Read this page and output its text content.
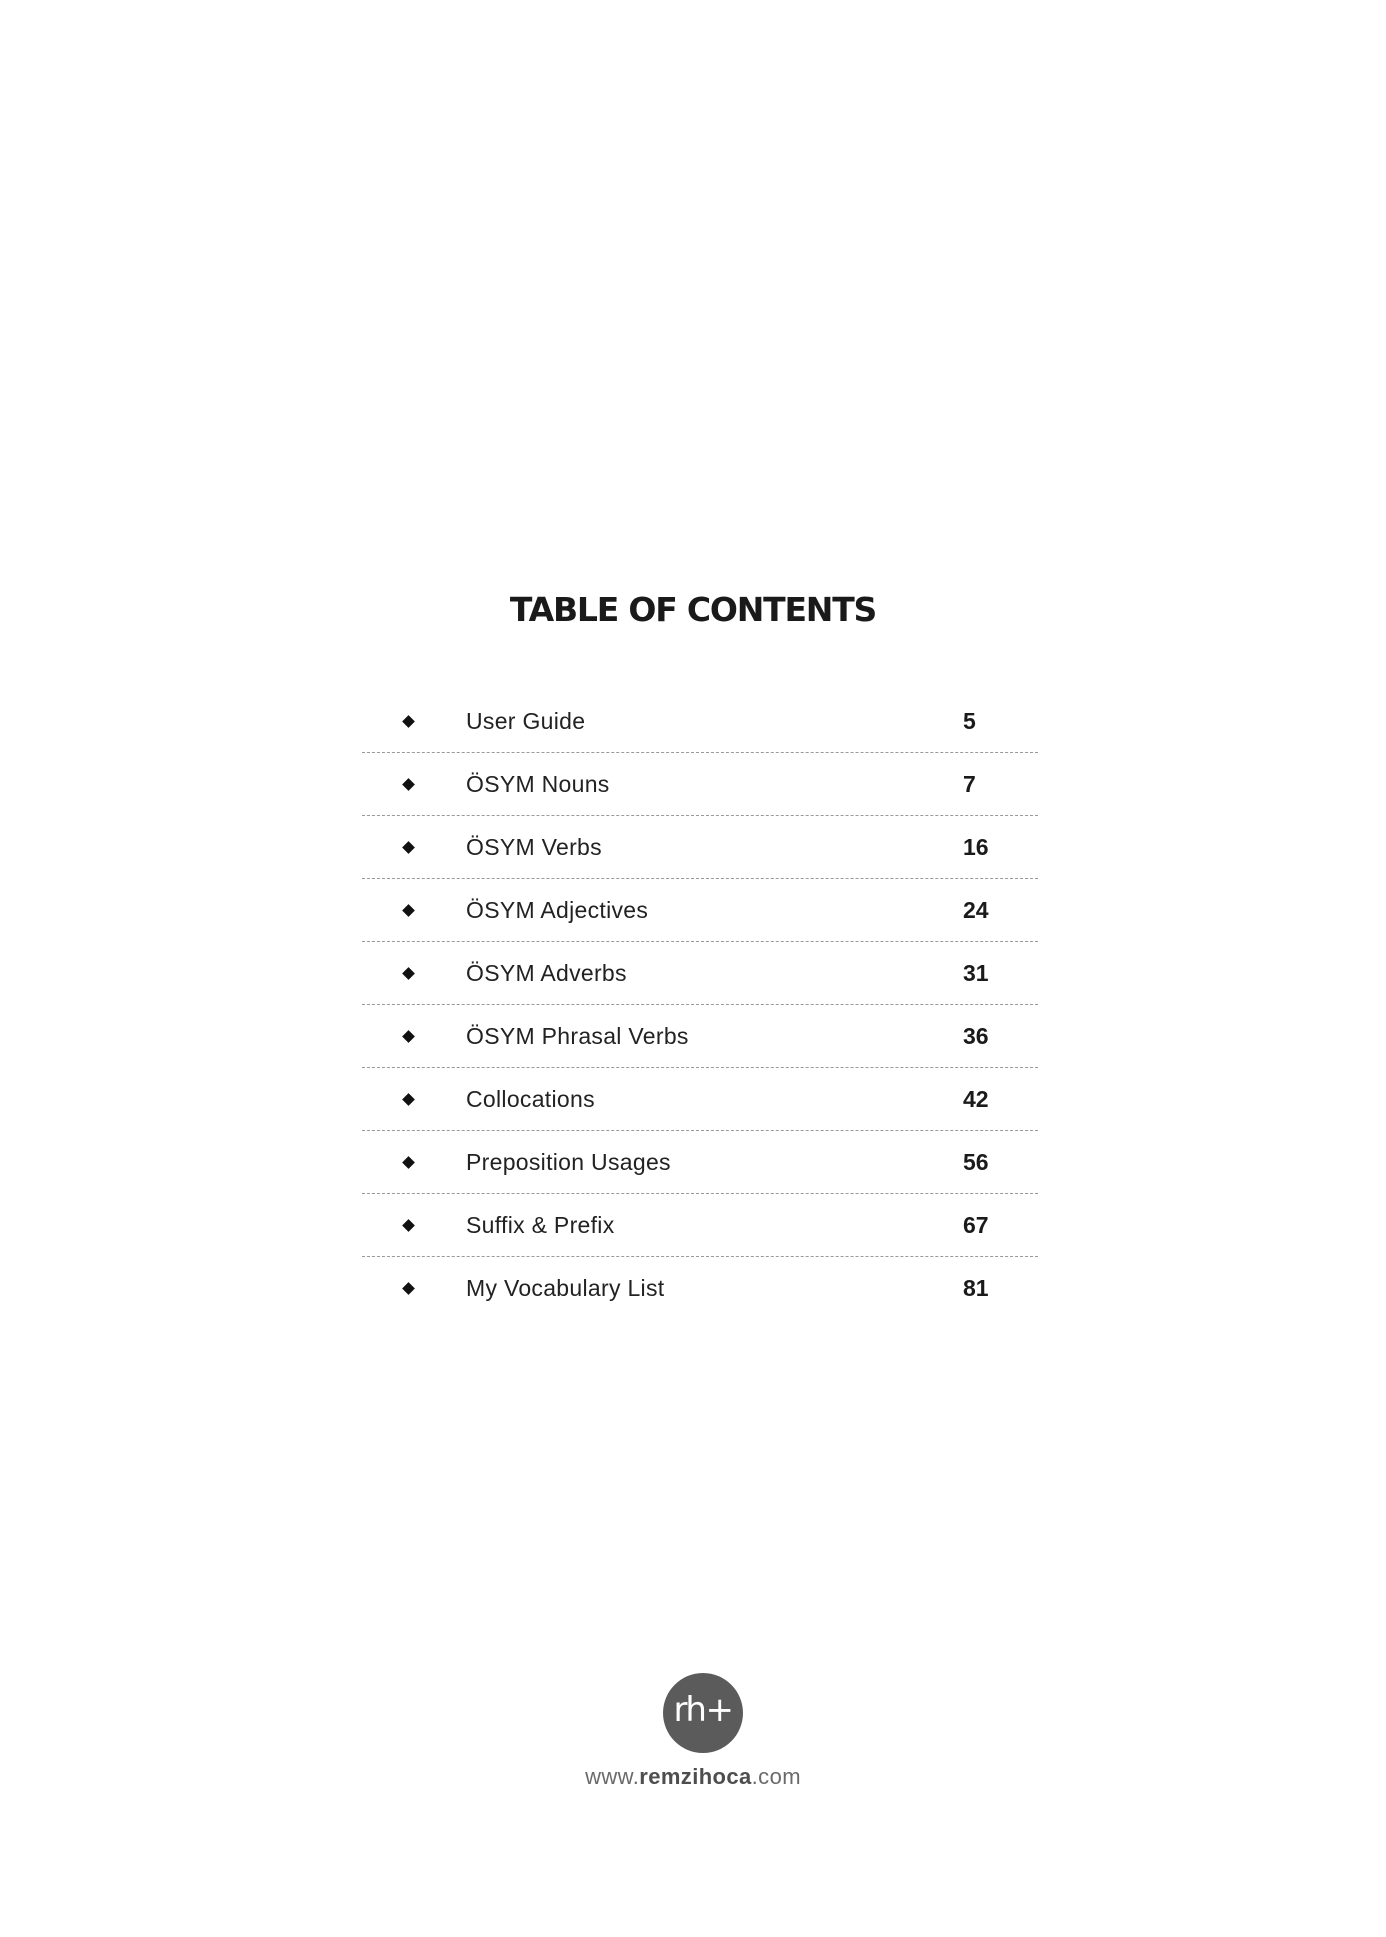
TABLE OF CONTENTS
User Guide	5
ÖSYM Nouns	7
ÖSYM Verbs	16
ÖSYM Adjectives	24
ÖSYM Adverbs	31
ÖSYM Phrasal Verbs	36
Collocations	42
Preposition Usages	56
Suffix & Prefix	67
My Vocabulary List	81
rh+
www.remzihoca.com
